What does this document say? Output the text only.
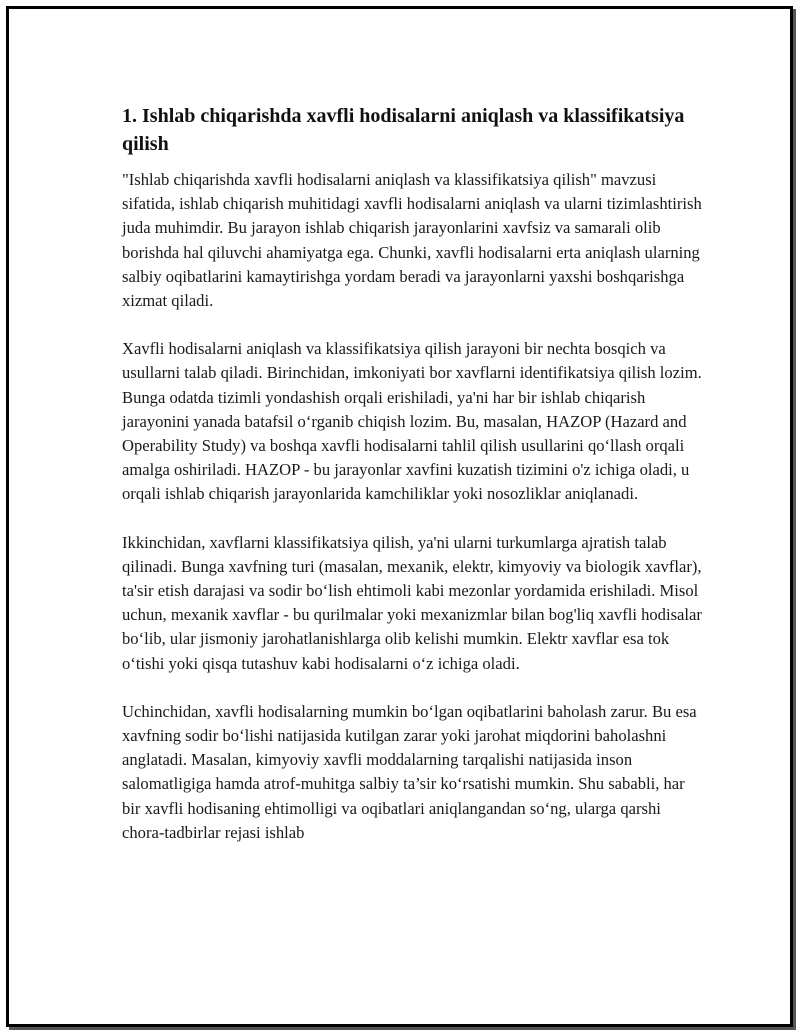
1. Ishlab chiqarishda xavfli hodisalarni aniqlash va klassifikatsiya qilish

"Ishlab chiqarishda xavfli hodisalarni aniqlash va klassifikatsiya qilish" mavzusi sifatida, ishlab chiqarish muhitidagi xavfli hodisalarni aniqlash va ularni tizimlashtirish juda muhimdir. Bu jarayon ishlab chiqarish jarayonlarini xavfsiz va samarali olib borishda hal qiluvchi ahamiyatga ega. Chunki, xavfli hodisalarni erta aniqlash ularning salbiy oqibatlarini kamaytirishga yordam beradi va jarayonlarni yaxshi boshqarishga xizmat qiladi.

Xavfli hodisalarni aniqlash va klassifikatsiya qilish jarayoni bir nechta bosqich va usullarni talab qiladi. Birinchidan, imkoniyati bor xavflarni identifikatsiya qilish lozim. Bunga odatda tizimli yondashish orqali erishiladi, ya'ni har bir ishlab chiqarish jarayonini yanada batafsil o‘rganib chiqish lozim. Bu, masalan, HAZOP (Hazard and Operability Study) va boshqa xavfli hodisalarni tahlil qilish usullarini qo‘llash orqali amalga oshiriladi. HAZOP - bu jarayonlar xavfini kuzatish tizimini o'z ichiga oladi, u orqali ishlab chiqarish jarayonlarida kamchiliklar yoki nosozliklar aniqlanadi.

Ikkinchidan, xavflarni klassifikatsiya qilish, ya'ni ularni turkumlarga ajratish talab qilinadi. Bunga xavfning turi (masalan, mexanik, elektr, kimyoviy va biologik xavflar), ta'sir etish darajasi va sodir bo‘lish ehtimoli kabi mezonlar yordamida erishiladi. Misol uchun, mexanik xavflar - bu qurilmalar yoki mexanizmlar bilan bog'liq xavfli hodisalar bo‘lib, ular jismoniy jarohatlanishlarga olib kelishi mumkin. Elektr xavflar esa tok o‘tishi yoki qisqa tutashuv kabi hodisalarni o‘z ichiga oladi.

Uchinchidan, xavfli hodisalarning mumkin bo‘lgan oqibatlarini baholash zarur. Bu esa xavfning sodir bo‘lishi natijasida kutilgan zarar yoki jarohat miqdorini baholashni anglatadi. Masalan, kimyoviy xavfli moddalarning tarqalishi natijasida inson salomatligiga hamda atrof-muhitga salbiy ta’sir ko‘rsatishi mumkin. Shu sababli, har bir xavfli hodisaning ehtimolligi va oqibatlari aniqlangandan so‘ng, ularga qarshi chora-tadbirlar rejasi ishlab
